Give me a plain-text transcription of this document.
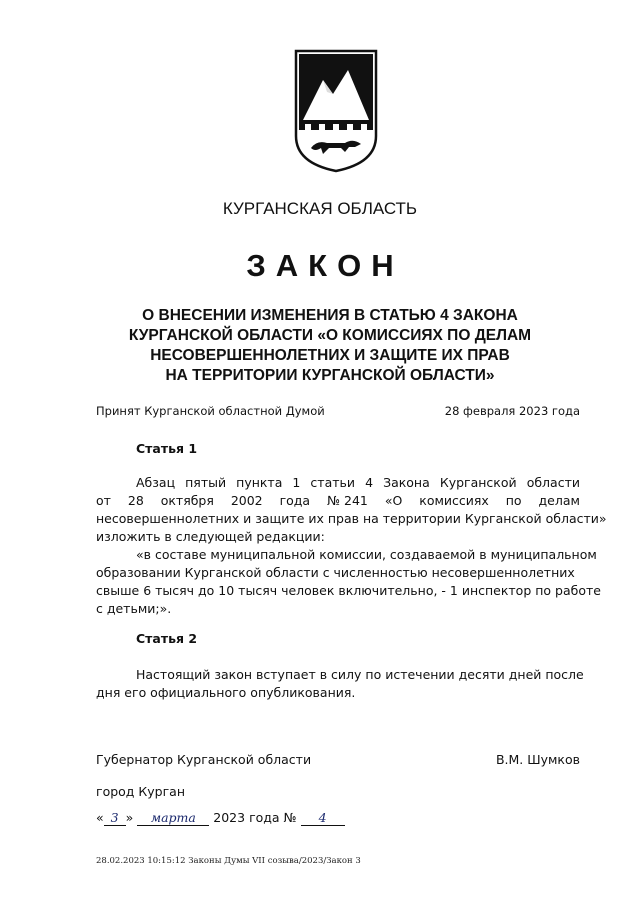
КУРГАНСКАЯ ОБЛАСТЬ
ЗАКОН
О ВНЕСЕНИИ ИЗМЕНЕНИЯ В СТАТЬЮ 4 ЗАКОНА
КУРГАНСКОЙ ОБЛАСТИ «О КОМИССИЯХ ПО ДЕЛАМ
НЕСОВЕРШЕННОЛЕТНИХ И ЗАЩИТЕ ИХ ПРАВ
НА ТЕРРИТОРИИ КУРГАНСКОЙ ОБЛАСТИ»
Принят Курганской областной Думой	28 февраля 2023 года
Статья 1
Абзац пятый пункта 1 статьи 4 Закона Курганской области
от 28 октября 2002 года № 241 «О комиссиях по делам
несовершеннолетних и защите их прав на территории Курганской области»
изложить в следующей редакции:
«в составе муниципальной комиссии, создаваемой в муниципальном
образовании Курганской области с численностью несовершеннолетних
свыше 6 тысяч до 10 тысяч человек включительно, - 1 инспектор по работе
с детьми;».
Статья 2
Настоящий закон вступает в силу по истечении десяти дней после
дня его официального опубликования.
Губернатор Курганской области	В.М. Шумков
город Курган
« 3 » марта 2023 года № 4
28.02.2023 10:15:12 Законы Думы VII созыва/2023/Закон 3
